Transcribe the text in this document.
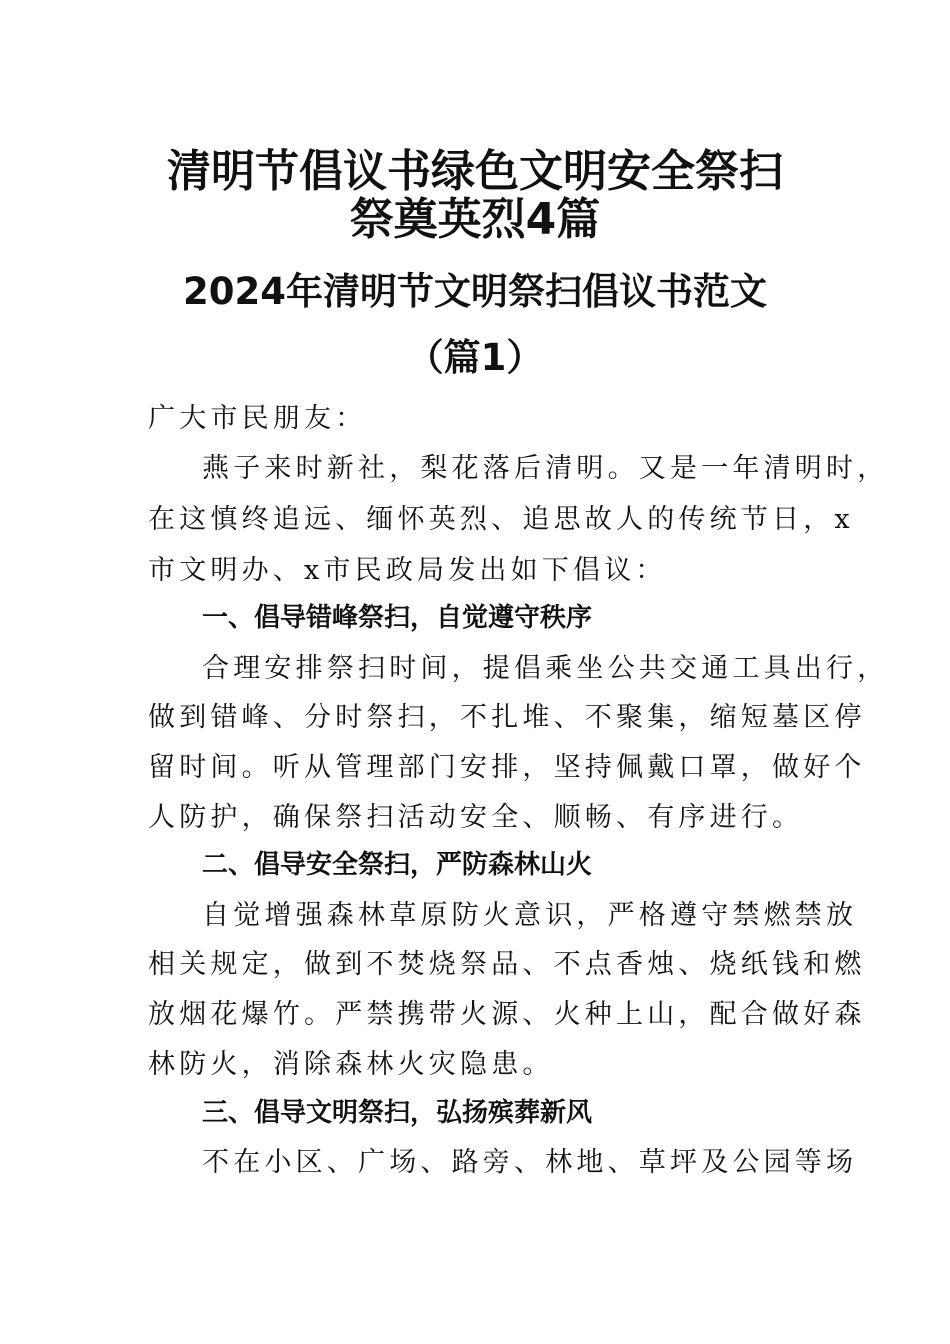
清明节倡议书绿色文明安全祭扫
祭奠英烈4篇
2024年清明节文明祭扫倡议书范文
（篇1）

广大市民朋友：

燕子来时新社，梨花落后清明。又是一年清明时，

在这慎终追远、缅怀英烈、追思故人的传统节日，x

市文明办、x市民政局发出如下倡议：

一、倡导错峰祭扫，自觉遵守秩序

合理安排祭扫时间，提倡乘坐公共交通工具出行，

做到错峰、分时祭扫，不扎堆、不聚集，缩短墓区停

留时间。听从管理部门安排，坚持佩戴口罩，做好个

人防护，确保祭扫活动安全、顺畅、有序进行。

二、倡导安全祭扫，严防森林山火

自觉增强森林草原防火意识，严格遵守禁燃禁放

相关规定，做到不焚烧祭品、不点香烛、烧纸钱和燃

放烟花爆竹。严禁携带火源、火种上山，配合做好森

林防火，消除森林火灾隐患。

三、倡导文明祭扫，弘扬殡葬新风

不在小区、广场、路旁、林地、草坪及公园等场
